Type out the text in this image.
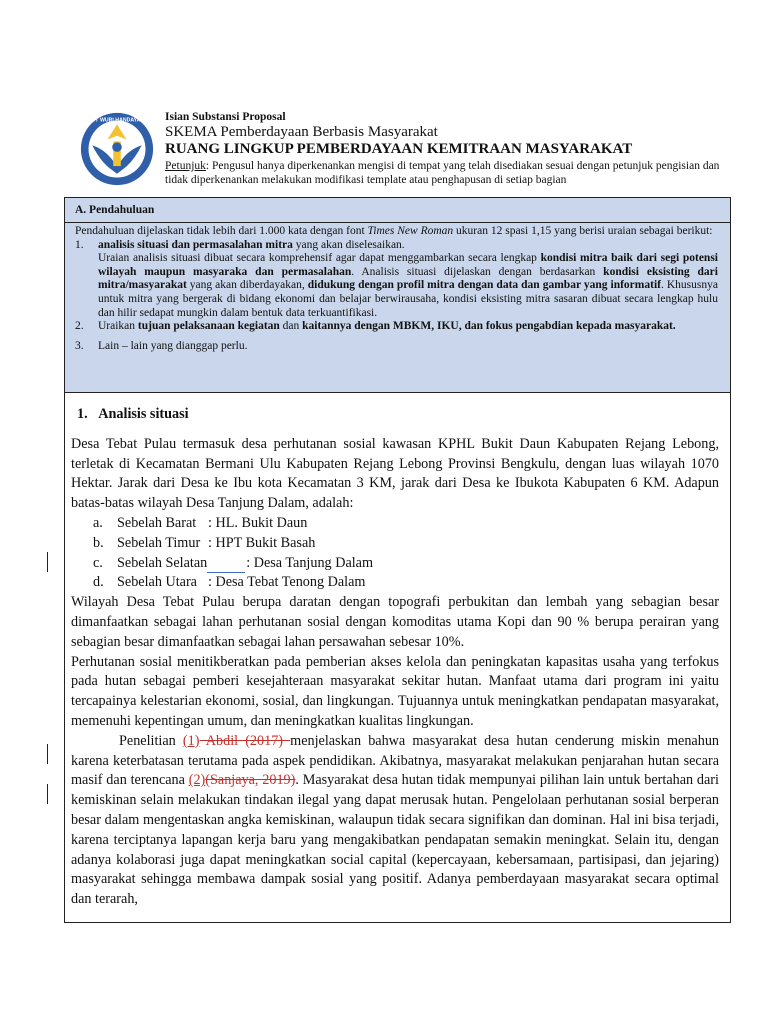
TUT WURI HANDAYANI Isian Substansi Proposal
SKEMA Pemberdayaan Berbasis Masyarakat
RUANG LINGKUP PEMBERDAYAAN KEMITRAAN MASYARAKAT
Petunjuk: Pengusul hanya diperkenankan mengisi di tempat yang telah disediakan sesuai dengan petunjuk pengisian dan tidak diperkenankan melakukan modifikasi template atau penghapusan di setiap bagian
A. Pendahuluan
Pendahuluan dijelaskan tidak lebih dari 1.000 kata dengan font Times New Roman ukuran 12 spasi 1,15 yang berisi uraian sebagai berikut:
1.	analisis situasi dan permasalahan mitra yang akan diselesaikan.
Uraian analisis situasi dibuat secara komprehensif agar dapat menggambarkan secara lengkap kondisi mitra baik dari segi potensi wilayah maupun masyaraka dan permasalahan. Analisis situasi dijelaskan dengan berdasarkan kondisi eksisting dari mitra/masyarakat yang akan diberdayakan, didukung dengan profil mitra dengan data dan gambar yang informatif. Khususnya untuk mitra yang bergerak di bidang ekonomi dan belajar berwirausaha, kondisi eksisting mitra sasaran dibuat secara lengkap hulu dan hilir sedapat mungkin dalam bentuk data terkuantifikasi.
2.	Uraikan tujuan pelaksanaan kegiatan dan kaitannya dengan MBKM, IKU, dan fokus pengabdian kepada masyarakat.
3.	Lain – lain yang dianggap perlu.
1. Analisis situasi

Desa Tebat Pulau termasuk desa perhutanan sosial kawasan KPHL Bukit Daun Kabupaten Rejang Lebong, terletak di Kecamatan Bermani Ulu Kabupaten Rejang Lebong Provinsi Bengkulu, dengan luas wilayah 1070 Hektar. Jarak dari Desa ke Ibu kota Kecamatan 3 KM, jarak dari Desa ke Ibukota Kabupaten 6 KM. Adapun batas-batas wilayah Desa Tanjung Dalam, adalah:

a. Sebelah Barat : HL. Bukit Daun
b. Sebelah Timur : HPT Bukit Basah
c. Sebelah Selatan	: Desa Tanjung Dalam
d. Sebelah Utara : Desa Tebat Tenong Dalam

Wilayah Desa Tebat Pulau berupa daratan dengan topografi perbukitan dan lembah yang sebagian besar dimanfaatkan sebagai lahan perhutanan sosial dengan komoditas utama Kopi dan 90 % berupa perairan yang sebagian besar dimanfaatkan sebagai lahan persawahan sebesar 10%.

Perhutanan sosial menitikberatkan pada pemberian akses kelola dan peningkatan kapasitas usaha yang terfokus pada hutan sebagai pemberi kesejahteraan masyarakat sekitar hutan. Manfaat utama dari program ini yaitu tercapainya kelestarian ekonomi, sosial, dan lingkungan. Tujuannya untuk meningkatkan pendapatan masyarakat, memenuhi kepentingan umum, dan meningkatkan kualitas lingkungan.

Penelitian (1) Abdil (2017) menjelaskan bahwa masyarakat desa hutan cenderung miskin menahun karena keterbatasan terutama pada aspek pendidikan. Akibatnya, masyarakat melakukan penjarahan hutan secara masif dan terencana (2)(Sanjaya, 2019). Masyarakat desa hutan tidak mempunyai pilihan lain untuk bertahan dari kemiskinan selain melakukan tindakan ilegal yang dapat merusak hutan. Pengelolaan perhutanan sosial berperan besar dalam mengentaskan angka kemiskinan, walaupun tidak secara signifikan dan dominan. Hal ini bisa terjadi, karena terciptanya lapangan kerja baru yang mengakibatkan pendapatan semakin meningkat. Selain itu, dengan adanya kolaborasi juga dapat meningkatkan social capital (kepercayaan, kebersamaan, partisipasi, dan jejaring) masyarakat sehingga membawa dampak sosial yang positif. Adanya pemberdayaan masyarakat secara optimal dan terarah,
